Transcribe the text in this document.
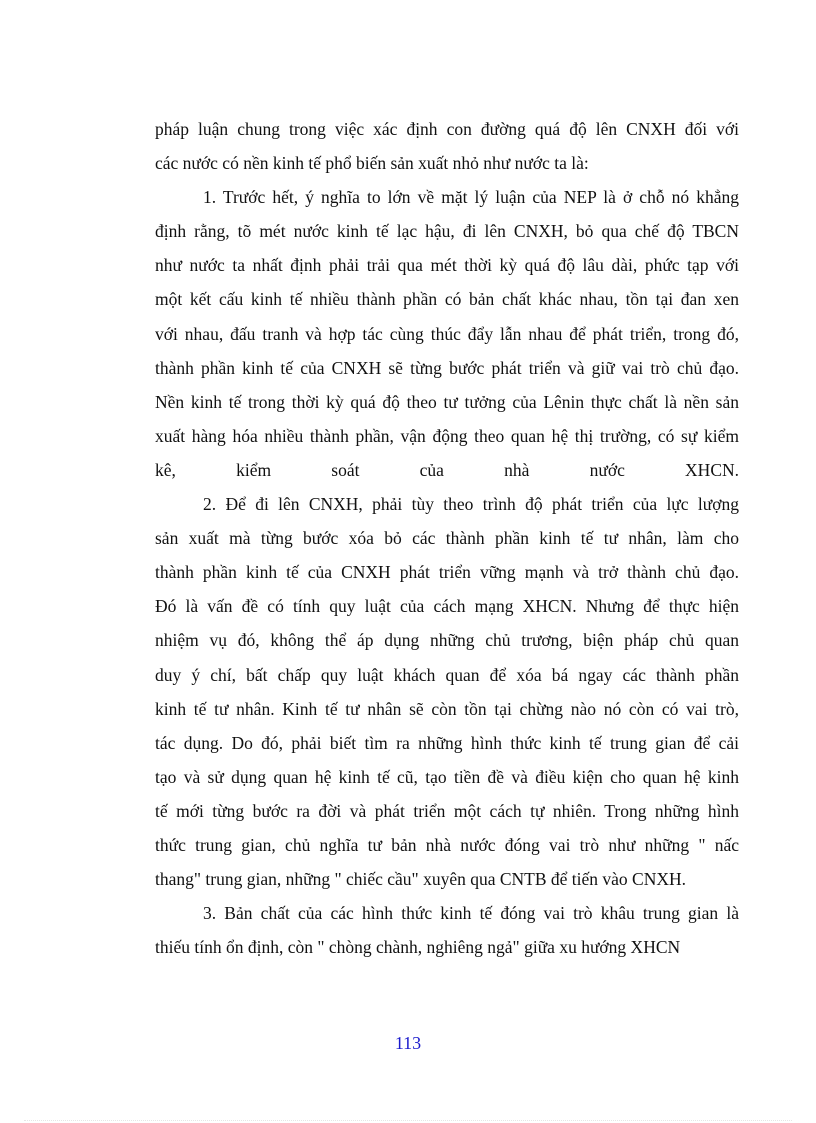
pháp luận chung trong việc xác định con đường quá độ lên CNXH đối với
các nước có nền kinh tế phổ biến sản xuất nhỏ như nước ta là:
1. Trước hết, ý nghĩa to lớn về mặt lý luận của NEP là ở chỗ nó khẳng
định rằng, tõ mét nước kinh tế lạc hậu, đi lên CNXH, bỏ qua chế độ TBCN
như nước ta nhất định phải trải qua mét thời kỳ quá độ lâu dài, phức tạp với
một kết cấu kinh tế nhiều thành phần có bản chất khác nhau, tồn tại đan xen
với nhau, đấu tranh và hợp tác cùng thúc đẩy lẫn nhau để phát triển, trong đó,
thành phần kinh tế của CNXH sẽ từng bước phát triển và giữ vai trò chủ đạo.
Nền kinh tế trong thời kỳ quá độ theo tư tưởng của Lênin thực chất là nền sản
xuất hàng hóa nhiều thành phần, vận động theo quan hệ thị trường, có sự kiểm
kê, kiểm soát của nhà nước XHCN.
2. Để đi lên CNXH, phải tùy theo trình độ phát triển của lực lượng
sản xuất mà từng bước xóa bỏ các thành phần kinh tế tư nhân, làm cho
thành phần kinh tế của CNXH phát triển vững mạnh và trở thành chủ đạo.
Đó là vấn đề có tính quy luật của cách mạng XHCN. Nhưng để thực hiện
nhiệm vụ đó, không thể áp dụng những chủ trương, biện pháp chủ quan
duy ý chí, bất chấp quy luật khách quan để xóa bá ngay các thành phần
kinh tế tư nhân. Kinh tế tư nhân sẽ còn tồn tại chừng nào nó còn có vai trò,
tác dụng. Do đó, phải biết tìm ra những hình thức kinh tế trung gian để cải
tạo và sử dụng quan hệ kinh tế cũ, tạo tiền đề và điều kiện cho quan hệ kinh
tế mới từng bước ra đời và phát triển một cách tự nhiên. Trong những hình
thức trung gian, chủ nghĩa tư bản nhà nước đóng vai trò như những " nấc
thang" trung gian, những " chiếc cầu" xuyên qua CNTB để tiến vào CNXH.
3. Bản chất của các hình thức kinh tế đóng vai trò khâu trung gian là
thiếu tính ổn định, còn " chòng chành, nghiêng ngả" giữa xu hướng XHCN
113
